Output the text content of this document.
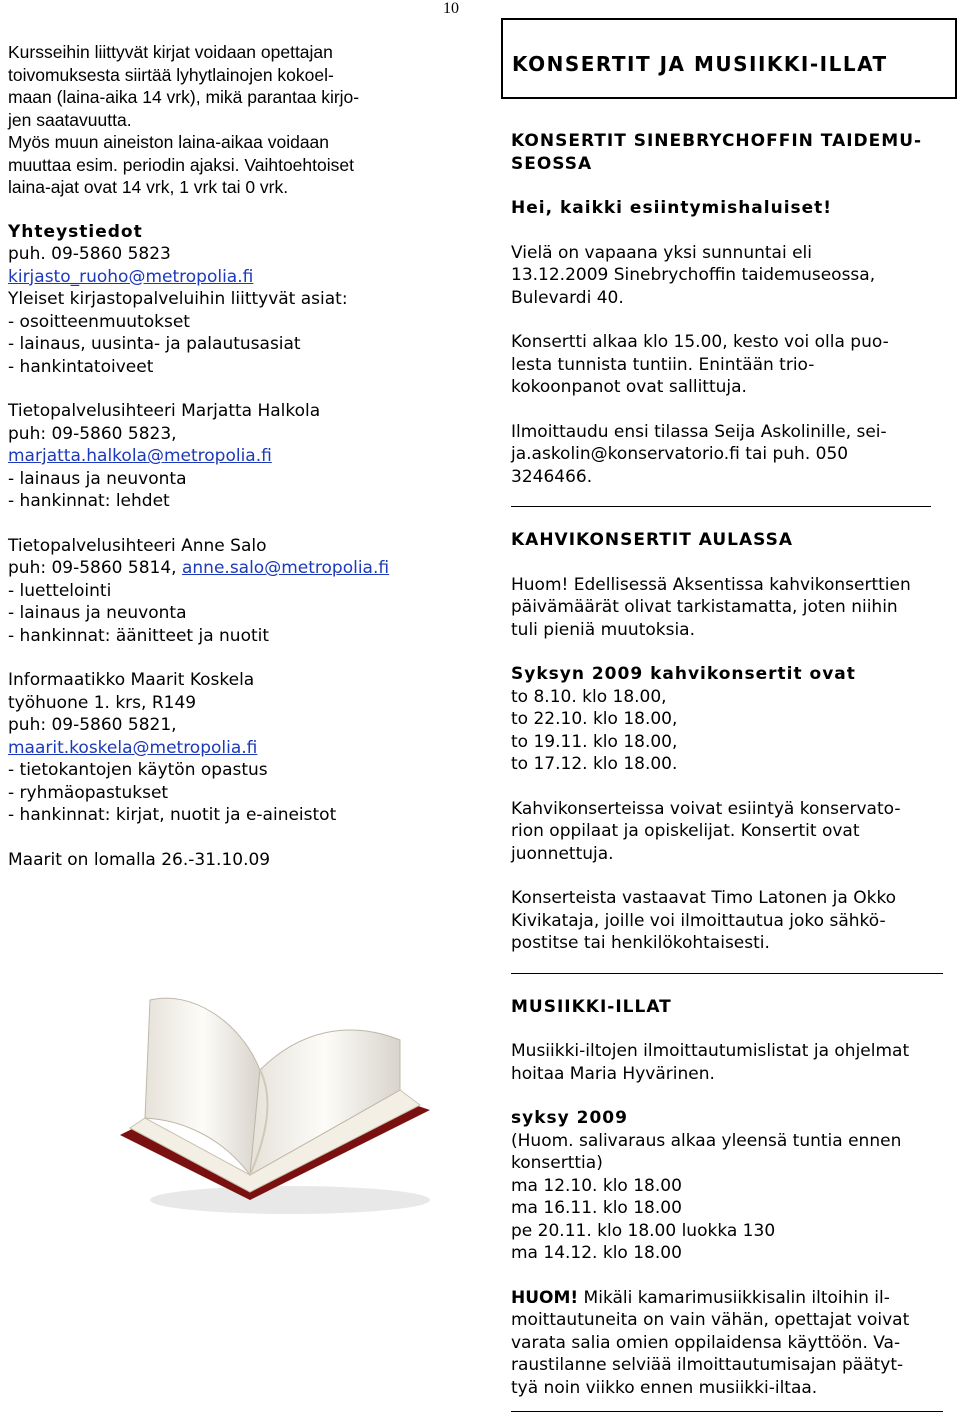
10
Kursseihin liittyvät kirjat voidaan opettajan
toivomuksesta siirtää lyhytlainojen kokoel-
maan (laina-aika 14 vrk), mikä parantaa kirjo-
jen saatavuutta.
Myös muun aineiston laina-aikaa voidaan
muuttaa esim. periodin ajaksi. Vaihtoehtoiset
laina-ajat ovat 14 vrk, 1 vrk tai 0 vrk.
Yhteystiedot
puh. 09-5860 5823
kirjasto_ruoho@metropolia.fi
Yleiset kirjastopalveluihin liittyvät asiat:
- osoitteenmuutokset
- lainaus, uusinta- ja palautusasiat
- hankintatoiveet
Tietopalvelusihteeri Marjatta Halkola
puh: 09-5860 5823,
marjatta.halkola@metropolia.fi
- lainaus ja neuvonta
- hankinnat: lehdet
Tietopalvelusihteeri Anne Salo
puh: 09-5860 5814, anne.salo@metropolia.fi
- luettelointi
- lainaus ja neuvonta
- hankinnat: äänitteet ja nuotit
Informaatikko Maarit Koskela
työhuone 1. krs, R149
puh: 09-5860 5821,
maarit.koskela@metropolia.fi
- tietokantojen käytön opastus
- ryhmäopastukset
- hankinnat: kirjat, nuotit ja e-aineistot
Maarit on lomalla 26.-31.10.09
KONSERTIT JA MUSIIKKI-ILLAT
KONSERTIT SINEBRYCHOFFIN TAIDEMU-
SEOSSA
Hei, kaikki esiintymishaluiset!
Vielä on vapaana yksi sunnuntai eli
13.12.2009 Sinebrychoffin taidemuseossa,
Bulevardi 40.
Konsertti alkaa klo 15.00, kesto voi olla puo-
lesta tunnista tuntiin. Enintään trio-
kokoonpanot ovat sallittuja.
Ilmoittaudu ensi tilassa Seija Askolinille, sei-
ja.askolin@konservatorio.fi tai puh. 050
3246466.
KAHVIKONSERTIT AULASSA
Huom! Edellisessä Aksentissa kahvikonserttien
päivämäärät olivat tarkistamatta, joten niihin
tuli pieniä muutoksia.
Syksyn 2009 kahvikonsertit ovat
to 8.10. klo 18.00,
to 22.10. klo 18.00,
to 19.11. klo 18.00,
to 17.12. klo 18.00.
Kahvikonserteissa voivat esiintyä konservato-
rion oppilaat ja opiskelijat. Konsertit ovat
juonnettuja.
Konserteista vastaavat Timo Latonen ja Okko
Kivikataja, joille voi ilmoittautua joko sähkö-
postitse tai henkilökohtaisesti.
MUSIIKKI-ILLAT
Musiikki-iltojen ilmoittautumislistat ja ohjelmat
hoitaa Maria Hyvärinen.
syksy 2009
(Huom. salivaraus alkaa yleensä tuntia ennen
konserttia)
ma 12.10. klo 18.00
ma 16.11. klo 18.00
pe 20.11. klo 18.00 luokka 130
ma 14.12. klo 18.00
HUOM! Mikäli kamarimusiikkisalin iltoihin il-
moittautuneita on vain vähän, opettajat voivat
varata salia omien oppilaidensa käyttöön. Va-
raustilanne selviää ilmoittautumisajan päätyt-
tyä noin viikko ennen musiikki-iltaa.
